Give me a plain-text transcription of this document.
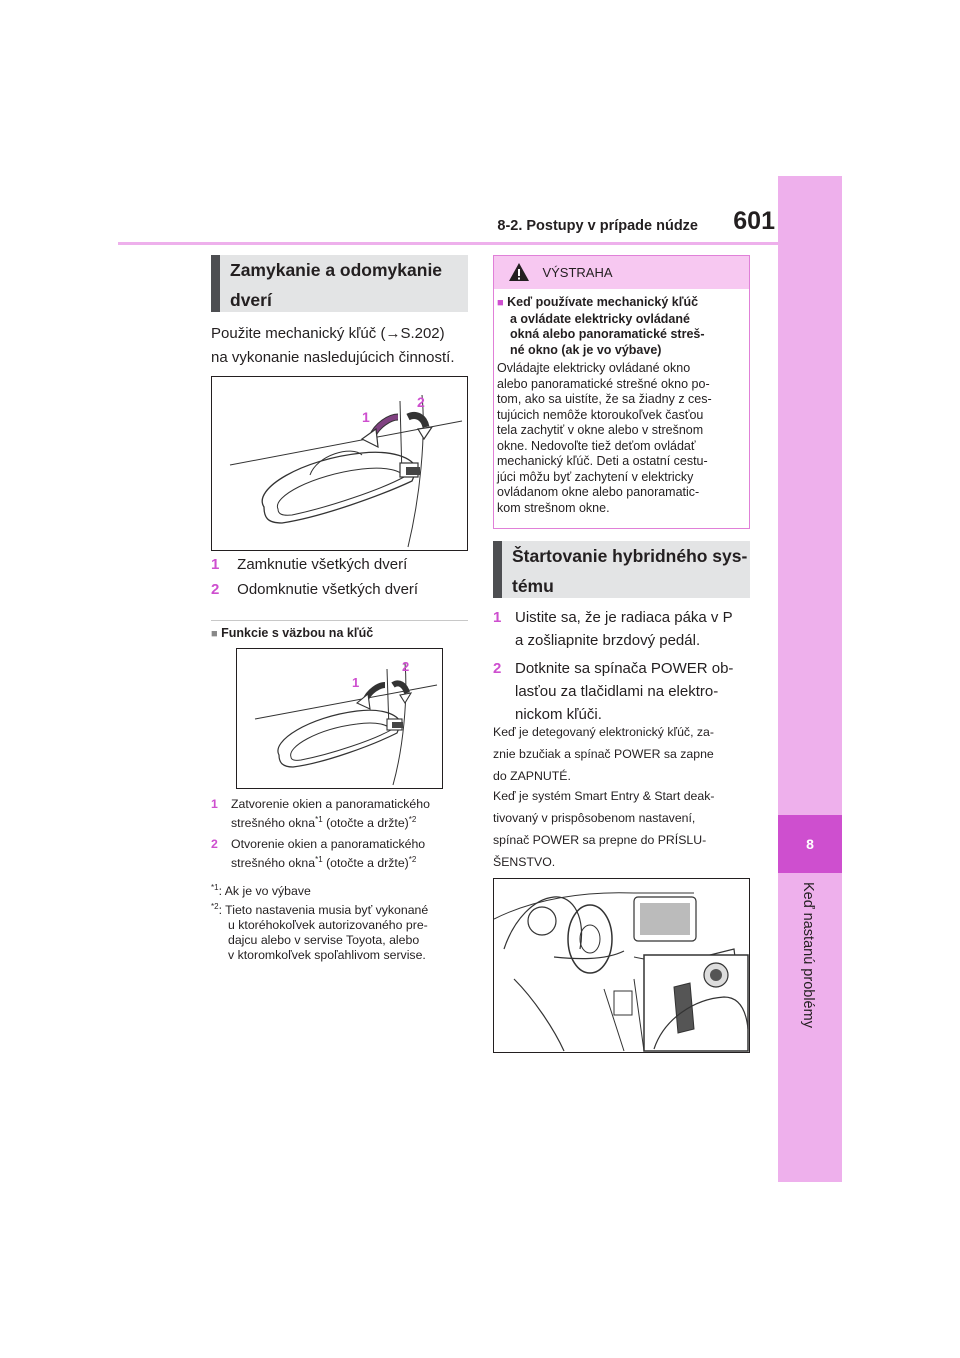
8
Keď nastanú problémy
8-2. Postupy v prípade núdze	601
Zamykanie a odomykanie
dverí
Použite mechanický kľúč (→S.202)
na vykonanie nasledujúcich činností.
1
2
1 Zamknutie všetkých dverí
2 Odomknutie všetkých dverí
■ Funkcie s väzbou na kľúč
1
2
1 Zatvorenie okien a panoramatického
strešného okna$^{*1}$ (otočte a držte)$^{*2}$
2 Otvorenie okien a panoramatického
strešného okna$^{*1}$ (otočte a držte)$^{*2}$
$^{*1}$: Ak je vo výbave
$^{*2}$: Tieto nastavenia musia byť vykonané
u ktoréhokoľvek autorizovaného pre-
dajcu alebo v servise Toyota, alebo
v ktoromkoľvek spoľahlivom servise.
VÝSTRAHA
■ Keď používate mechanický kľúč
a ovládate elektricky ovládané
okná alebo panoramatické streš-
né okno (ak je vo výbave)
Ovládajte elektricky ovládané okno
alebo panoramatické strešné okno po-
tom, ako sa uistíte, že sa žiadny z ces-
tujúcich nemôže ktoroukoľvek časťou
tela zachytiť v okne alebo v strešnom
okne. Nedovoľte tiež deťom ovládať
mechanický kľúč. Deti a ostatní cestu-
júci môžu byť zachytení v elektricky
ovládanom okne alebo panoramatic-
kom strešnom okne.
Štartovanie hybridného sys-
tému
1 Uistite sa, že je radiaca páka v P
a zošliapnite brzdový pedál.
2 Dotknite sa spínača POWER ob-
lasťou za tlačidlami na elektro-
nickom kľúči.
Keď je detegovaný elektronický kľúč, za-
znie bzučiak a spínač POWER sa zapne
do ZAPNUTÉ.
Keď je systém Smart Entry & Start deak-
tivovaný v prispôsobenom nastavení,
spínač POWER sa prepne do PRÍSLU-
ŠENSTVO.
